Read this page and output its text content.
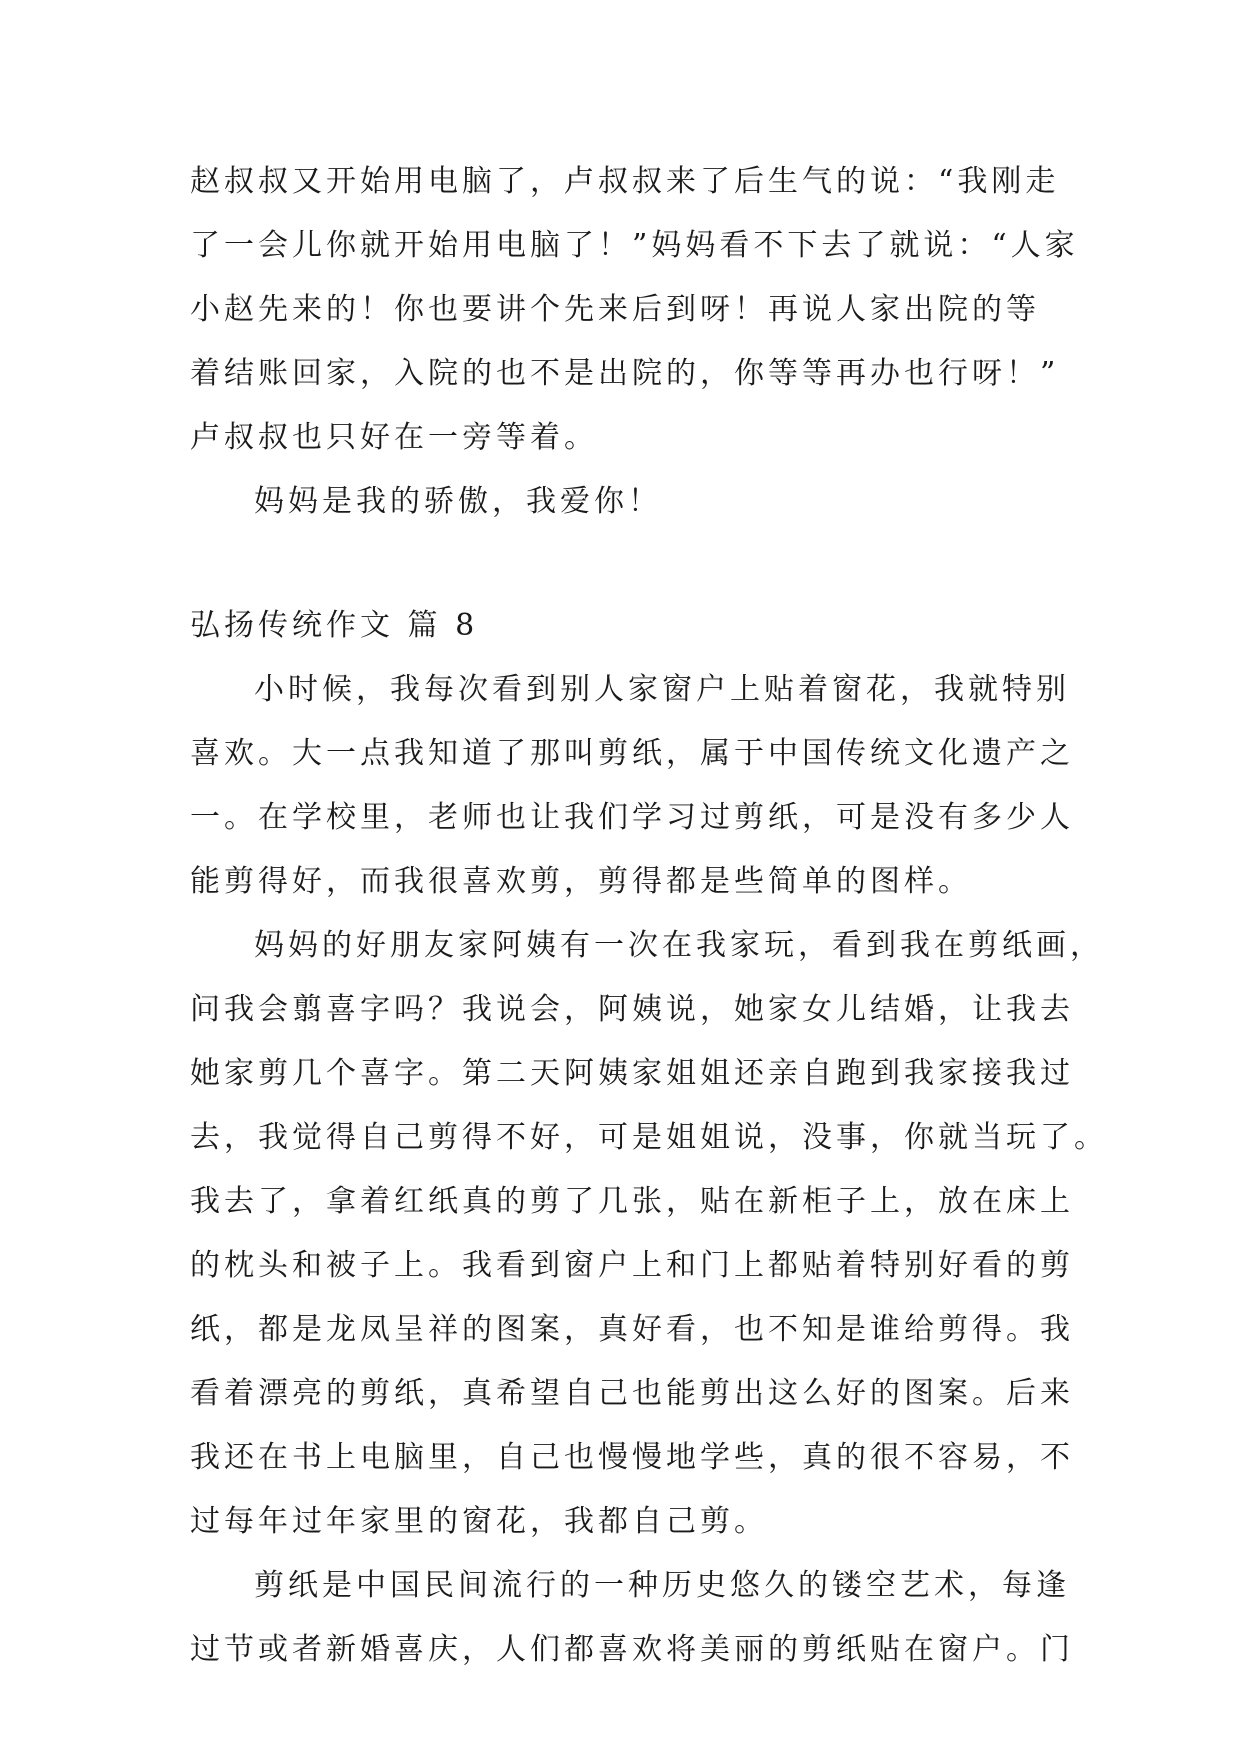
赵叔叔又开始用电脑了，卢叔叔来了后生气的说：“我刚走
了一会儿你就开始用电脑了！”妈妈看不下去了就说：“人家
小赵先来的！你也要讲个先来后到呀！再说人家出院的等
着结账回家，入院的也不是出院的，你等等再办也行呀！”
卢叔叔也只好在一旁等着。
妈妈是我的骄傲，我爱你！
弘扬传统作文 篇 8
小时候，我每次看到别人家窗户上贴着窗花，我就特别
喜欢。大一点我知道了那叫剪纸，属于中国传统文化遗产之
一。在学校里，老师也让我们学习过剪纸，可是没有多少人
能剪得好，而我很喜欢剪，剪得都是些简单的图样。
妈妈的好朋友家阿姨有一次在我家玩，看到我在剪纸画，
问我会翦喜字吗？我说会，阿姨说，她家女儿结婚，让我去
她家剪几个喜字。第二天阿姨家姐姐还亲自跑到我家接我过
去，我觉得自己剪得不好，可是姐姐说，没事，你就当玩了。
我去了，拿着红纸真的剪了几张，贴在新柜子上，放在床上
的枕头和被子上。我看到窗户上和门上都贴着特别好看的剪
纸，都是龙凤呈祥的图案，真好看，也不知是谁给剪得。我
看着漂亮的剪纸，真希望自己也能剪出这么好的图案。后来
我还在书上电脑里，自己也慢慢地学些，真的很不容易，不
过每年过年家里的窗花，我都自己剪。
剪纸是中国民间流行的一种历史悠久的镂空艺术，每逢
过节或者新婚喜庆，人们都喜欢将美丽的剪纸贴在窗户。门
